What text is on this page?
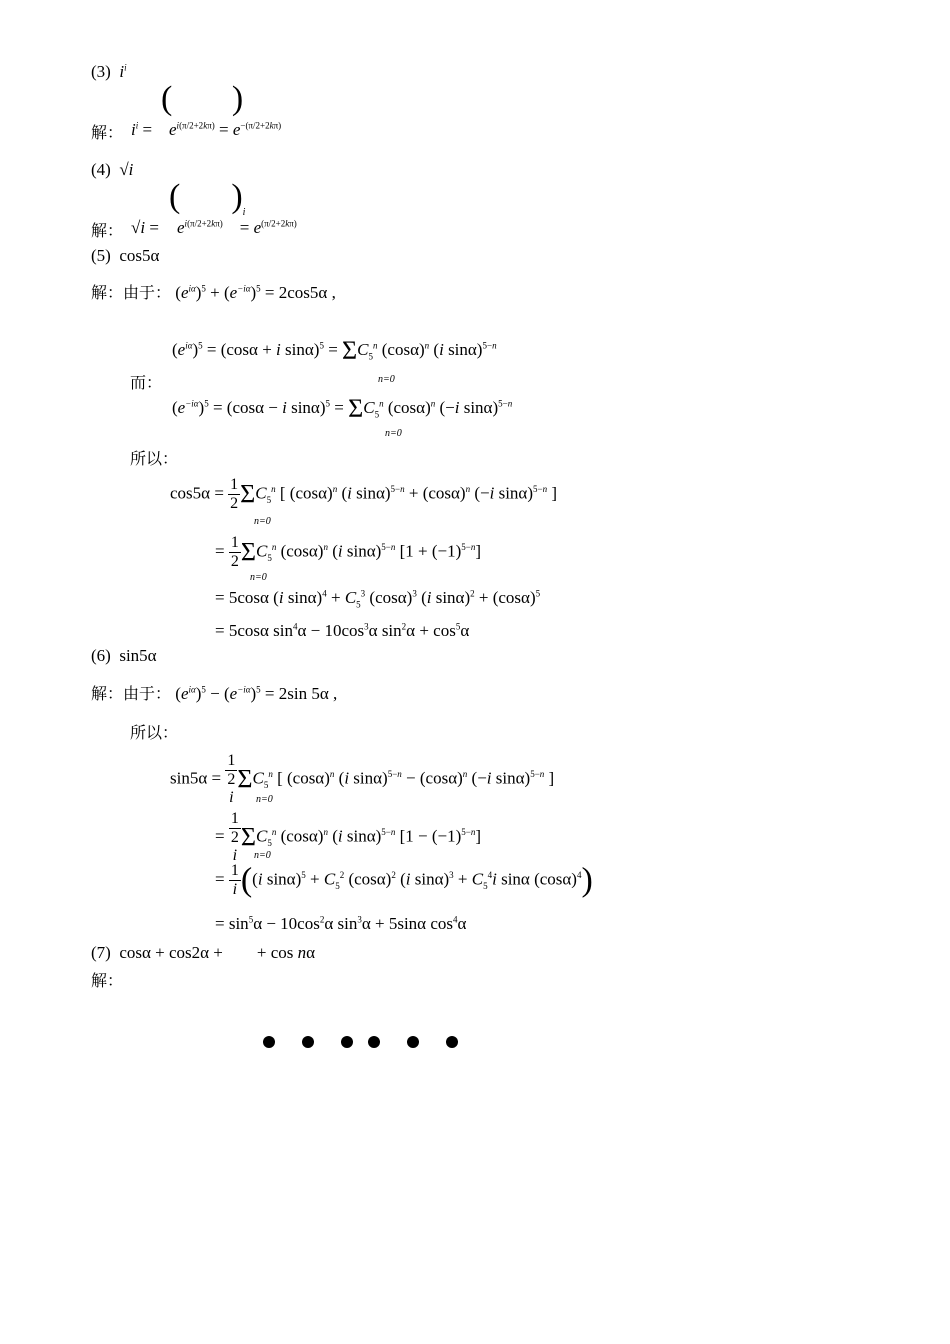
(3) $i^i$
解： $i^i$ =
(       )
$e^{i(\pi/2+2k\pi)} = e^{-(\pi/2+2k\pi)}$
(4)  √i
解： √i =
(      )$_i$
$e^{i(\pi/2+2k\pi)}$    = $e^{(\pi/2+2k\pi)}$
(5) cos5α
解：由于： $(e^{i\alpha})^5 + (e^{-i\alpha})^5 = 2\cos 5\alpha$ ,
而：
$(e^{i\alpha})^5 = (\cos\alpha + i$ $\sin\alpha)^5 = \Sigma C_5^n$ $(\cos\alpha)^n$ (i sinα)$^{5-n}$
n=0
$(e^{-i\alpha})^5 = (\cos\alpha - i$ $\sin\alpha)^5 = \Sigma C_5^n$ $(\cos\alpha)^n$ (−i sinα)$^{5-n}$
n=0
所以：
$\cos 5\alpha = \frac{1}{2} \Sigma C_5^n$ [ $(\cos\alpha)^n$ (i $\sin\alpha)^{5-n} + (\cos\alpha)^n$ (−i sinα)$^{5-n}$ ]
n=0
= $\frac{1}{2} \Sigma C_5^n$ $(\cos\alpha)^n$ (i sinα)$^{5-n}$ $[1 + (-1)^{5-n}]$
n=0
= 5cosα (i $\sin\alpha)^4 + C_5^3$ $(\cos\alpha)^3$ (i $\sin\alpha)^2 + (\cos\alpha)^5$
= 5cosα $\sin^4\alpha - 10\cos^3\alpha$ $\sin^2\alpha + \cos^5\alpha$
(6) sin5α
解：由于： $(e^{i\alpha})^5 - (e^{-i\alpha})^5 = 2\sin$ 5α ,
所以：
sin5α = 1
2
i $\Sigma C_5^n$ [ $(\cos\alpha)^n$ (i $\sin\alpha)^{5-n} - (\cos\alpha)^n$ (−i sinα)$^{5-n}$ ]
n=0
= 1
2
i $\Sigma C_5^n$ $(\cos\alpha)^n$ (i sinα)$^{5-n}$ $[1 - (-1)^{5-n}]$
n=0
= $\frac{1}{i} ((i$ $\sin\alpha)^5 + C_5^2$ $(\cos\alpha)^2$ (i $\sin\alpha)^3 + C_5^4i$ sinα $(\cos\alpha)^4$)
= $\sin^5\alpha - 10\cos^2\alpha$ $\sin^3\alpha + 5\sin\alpha$ $\cos^4\alpha$
(7)  cosα + cos2α +        + cos nα
解：
